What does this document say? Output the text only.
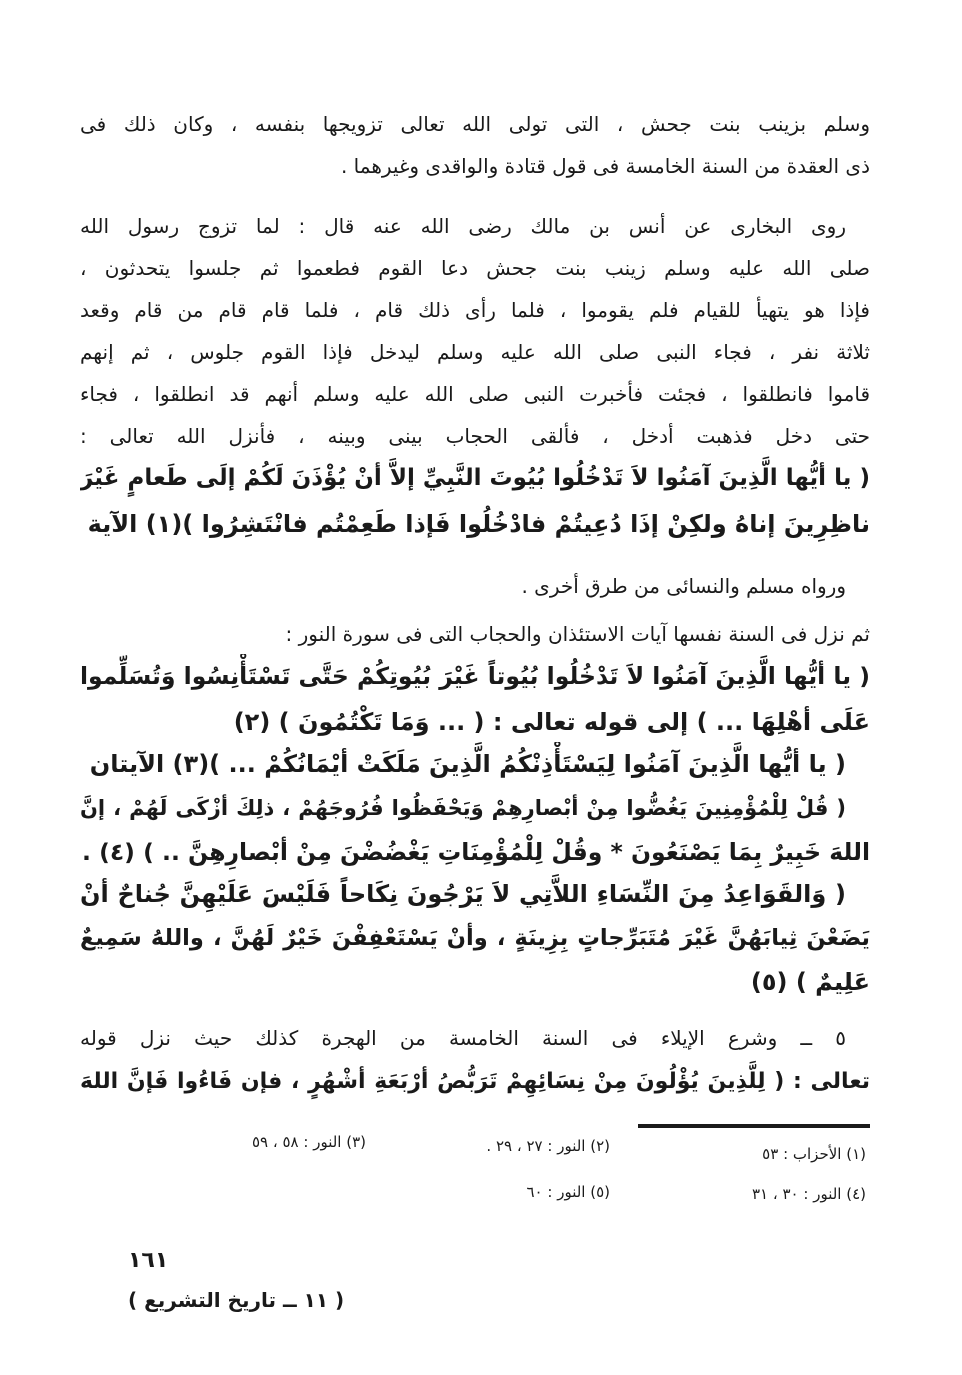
وسلم بزينب بنت جحش ، التى تولى الله تعالى تزويجها بنفسه ، وكان ذلك فى
ذى العقدة من السنة الخامسة فى قول قتادة والواقدى وغيرهما .
روى البخارى عن أنس بن مالك رضى الله عنه قال : لما تزوج رسول الله
صلى الله عليه وسلم زينب بنت جحش دعا القوم فطعموا ثم جلسوا يتحدثون ،
فإذا هو يتهيأ للقيام فلم يقوموا ، فلما رأى ذلك قام ، فلما قام قام من قام وقعد
ثلاثة نفر ، فجاء النبى صلى الله عليه وسلم ليدخل فإذا القوم جلوس ، ثم إنهم
قاموا فانطلقوا ، فجئت فأخبرت النبى صلى الله عليه وسلم أنهم قد انطلقوا ، فجاء
حتى دخل فذهبت أدخل ، فألقى الحجاب بينى وبينه ، فأنزل الله تعالى :
( يا أيُّها الَّذِينَ آمَنُوا لاَ تَدْخُلُوا بُيُوتَ النَّبِيِّ إلاَّ أنْ يُؤْذَنَ لَكُمْ إلَى طَعامٍ غَيْرَ
ناظِرِينَ إناهُ ولكِنْ إذَا دُعِيتُمْ فادْخُلُوا فَإذا طَعِمْتُم فانْتَشِرُوا )(١) الآية
ورواه مسلم والنسائى من طرق أخرى .
ثم نزل فى السنة نفسها آيات الاستئذان والحجاب التى فى سورة النور :
( يا أيُّها الَّذِينَ آمَنُوا لاَ تَدْخُلُوا بُيُوتاً غَيْرَ بُيُوتِكُمْ حَتَّى تَسْتَأْنِسُوا وَتُسَلِّموا
عَلَى أهْلِهَا ... ) إلى قوله تعالى : ( ... وَمَا تَكْتُمُونَ ) (٢)
( يا أيُّها الَّذِينَ آمَنُوا لِيَسْتَأْذِنْكُمُ الَّذِينَ مَلَكَتْ أيْمَانُكُمْ ... )(٣) الآيتان
( قُلْ لِلْمُؤْمِنِينَ يَغُضُّوا مِنْ أبْصارِهِمْ وَيَحْفَظُوا فُرُوجَهُمْ ، ذلِكَ أزْكَى لَهُمْ ، إنَّ
اللهَ خَبِيرٌ بِمَا يَصْنَعُونَ * وقُلْ لِلْمُؤْمِنَاتِ يَغْضُضْنَ مِنْ أبْصارِهِنَّ .. ) (٤) .
( وَالقَوَاعِدُ مِنَ النِّسَاءِ اللاَّتِي لاَ يَرْجُونَ نِكَاحاً فَلَيْسَ عَلَيْهِنَّ جُناحٌ أنْ
يَضَعْنَ ثِيابَهُنَّ غَيْرَ مُتَبَرِّجاتٍ بِزِينَةٍ ، وأنْ يَسْتَعْفِفْنَ خَيْرٌ لَهُنَّ ، واللهُ سَمِيعٌ
عَلِيمٌ ) (٥)
٥ ــ وشرع الإيلاء فى السنة الخامسة من الهجرة كذلك حيث نزل قوله
تعالى : ( لِلَّذِينَ يُؤْلُونَ مِنْ نِسَائِهِمْ تَرَبُّصُ أرْبَعَةِ أشْهُرٍ ، فإن فَاءُوا فَإنَّ اللهَ
(١) الأحزاب : ٥٣
(٢) النور : ٢٧ ، ٢٩ .
(٣) النور : ٥٨ ، ٥٩
(٤) النور : ٣٠ ، ٣١
(٥) النور : ٦٠
١٦١
( ١١ ــ تاريخ التشريع )
